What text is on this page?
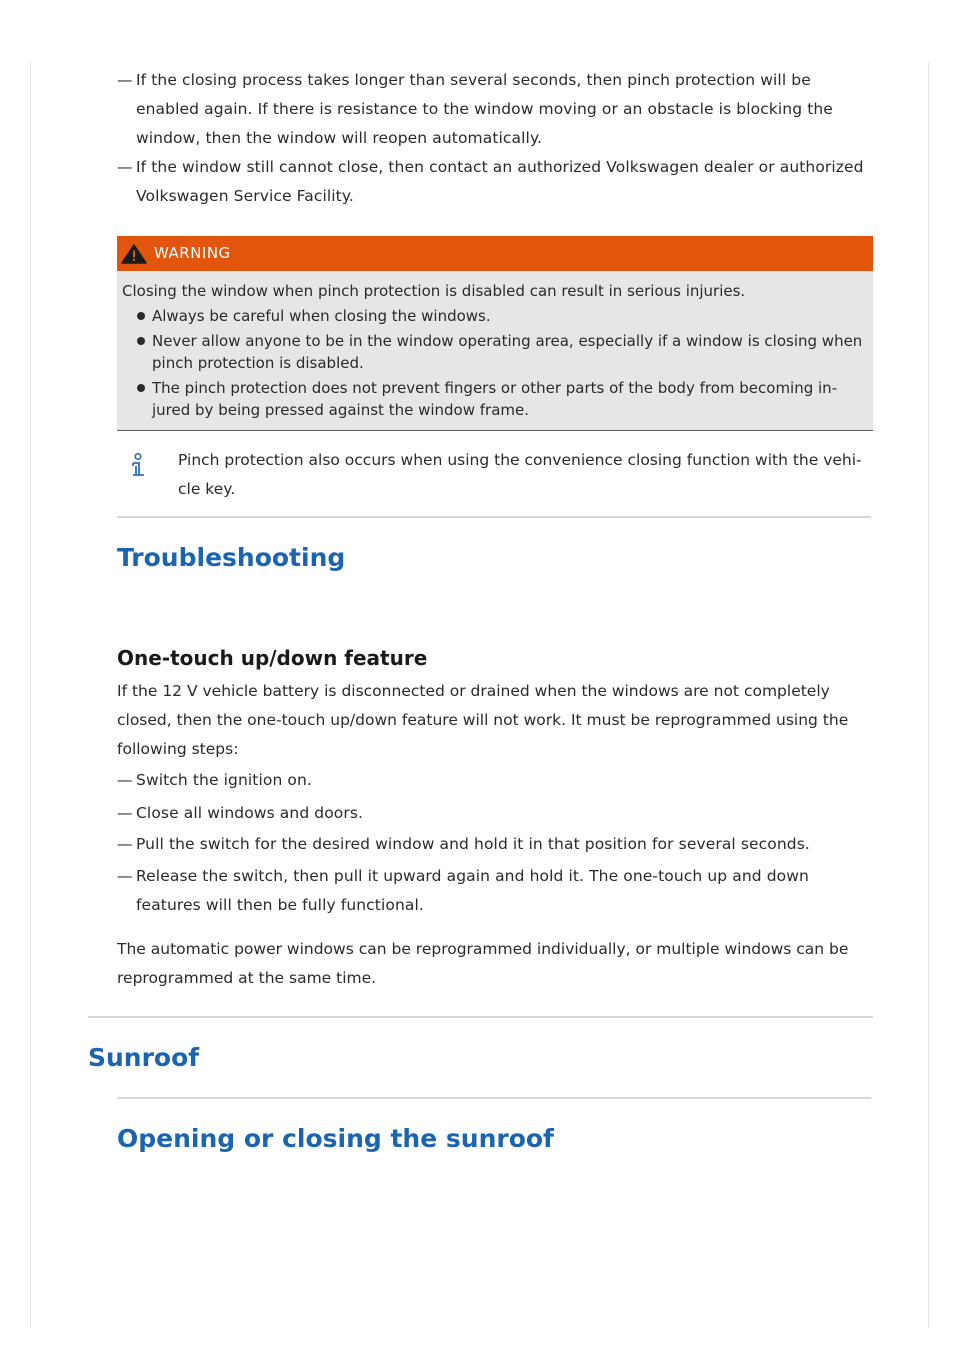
— If the closing process takes longer than several seconds, then pinch protection will be enabled again. If there is resistance to the window moving or an obstacle is blocking the window, then the window will reopen automatically.
— If the window still cannot close, then contact an authorized Volkswagen dealer or authorized Volkswagen Service Facility.
WARNING
Closing the window when pinch protection is disabled can result in serious injuries.
Always be careful when closing the windows.
Never allow anyone to be in the window operating area, especially if a window is closing when pinch protection is disabled.
The pinch protection does not prevent fingers or other parts of the body from becoming in-jured by being pressed against the window frame.
Pinch protection also occurs when using the convenience closing function with the vehi-cle key.
Troubleshooting
One-touch up/down feature

If the 12 V vehicle battery is disconnected or drained when the windows are not completely closed, then the one-touch up/down feature will not work. It must be reprogrammed using the following steps:

— Switch the ignition on.
— Close all windows and doors.
— Pull the switch for the desired window and hold it in that position for several seconds.
— Release the switch, then pull it upward again and hold it. The one-touch up and down features will then be fully functional.

The automatic power windows can be reprogrammed individually, or multiple windows can be reprogrammed at the same time.

Sunroof
Opening or closing the sunroof
